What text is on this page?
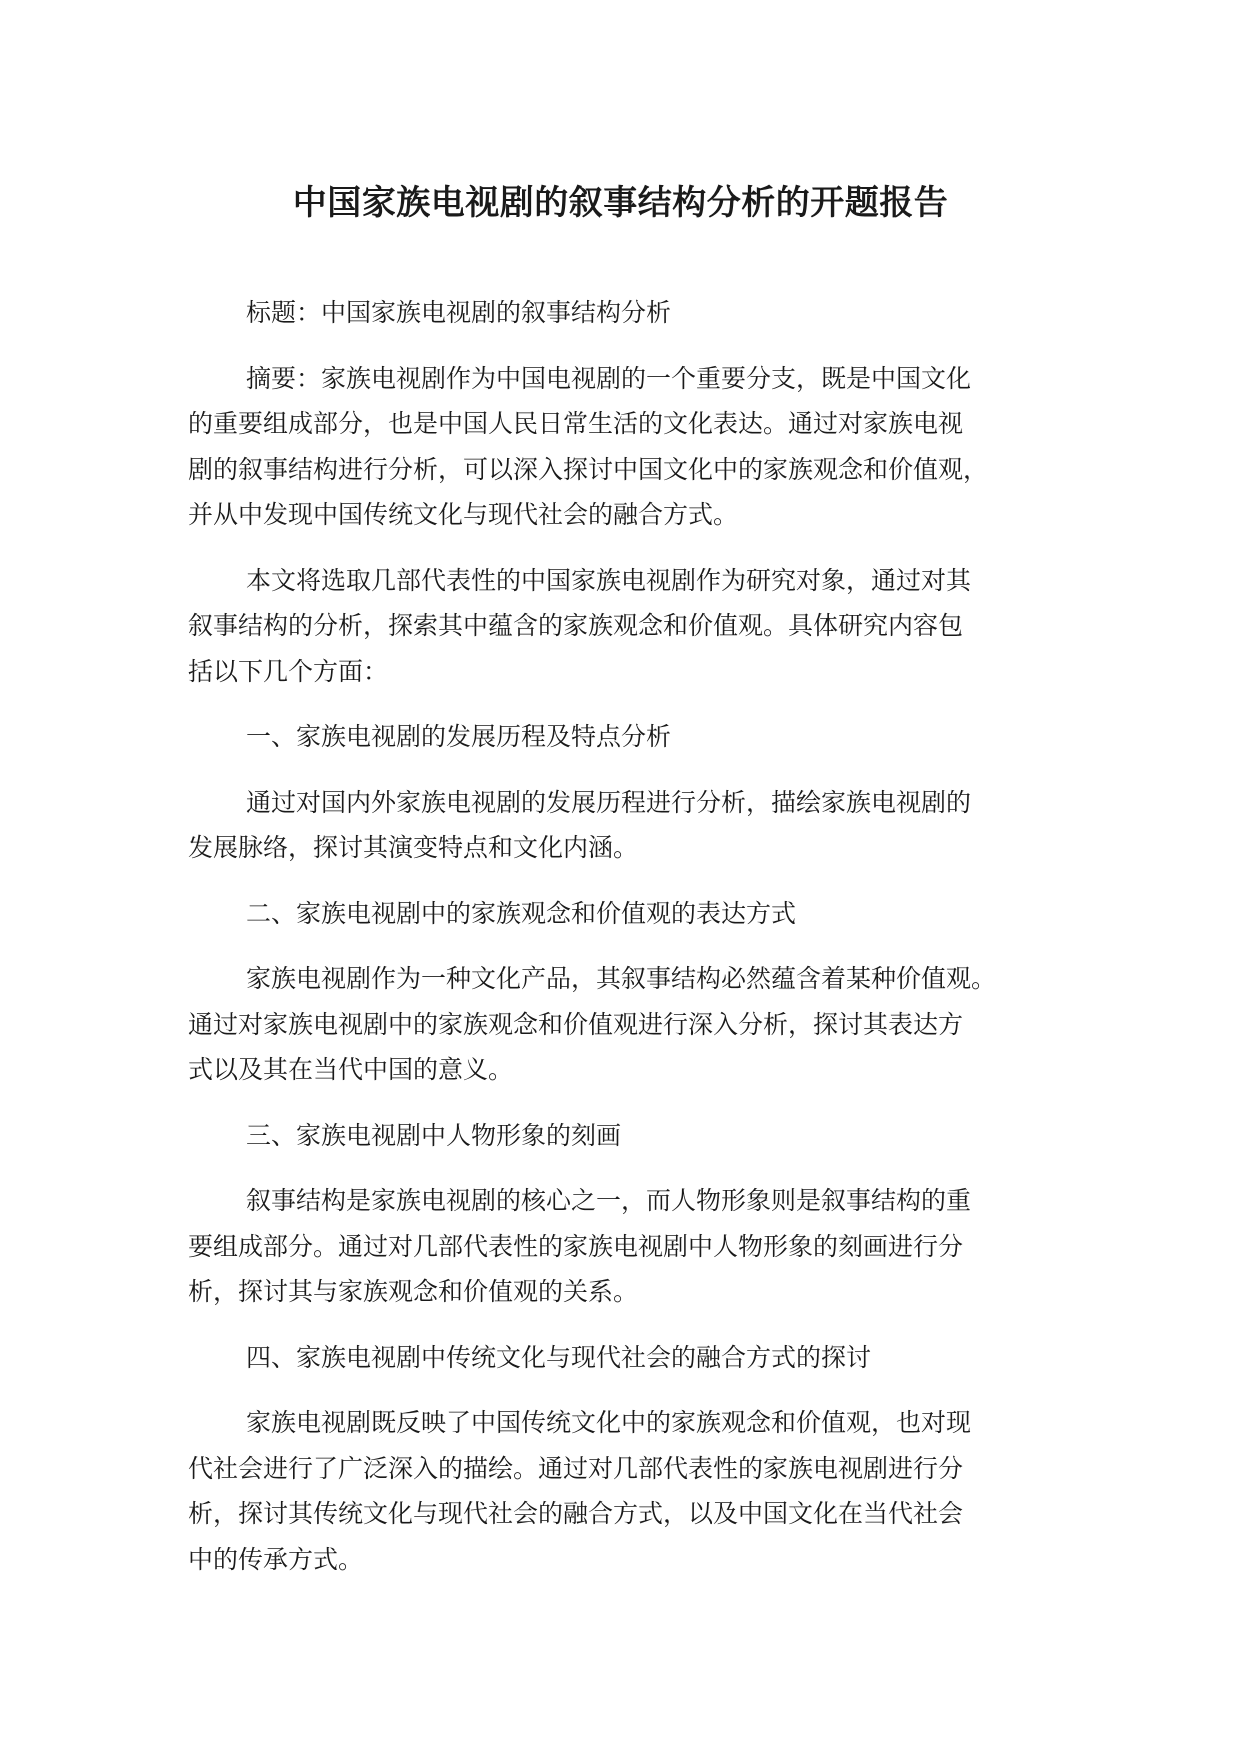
中国家族电视剧的叙事结构分析的开题报告

标题：中国家族电视剧的叙事结构分析

摘要：家族电视剧作为中国电视剧的一个重要分支，既是中国文化
的重要组成部分，也是中国人民日常生活的文化表达。通过对家族电视
剧的叙事结构进行分析，可以深入探讨中国文化中的家族观念和价值观，
并从中发现中国传统文化与现代社会的融合方式。

本文将选取几部代表性的中国家族电视剧作为研究对象，通过对其
叙事结构的分析，探索其中蕴含的家族观念和价值观。具体研究内容包
括以下几个方面：

一、家族电视剧的发展历程及特点分析

通过对国内外家族电视剧的发展历程进行分析，描绘家族电视剧的
发展脉络，探讨其演变特点和文化内涵。

二、家族电视剧中的家族观念和价值观的表达方式

家族电视剧作为一种文化产品，其叙事结构必然蕴含着某种价值观。
通过对家族电视剧中的家族观念和价值观进行深入分析，探讨其表达方
式以及其在当代中国的意义。

三、家族电视剧中人物形象的刻画

叙事结构是家族电视剧的核心之一，而人物形象则是叙事结构的重
要组成部分。通过对几部代表性的家族电视剧中人物形象的刻画进行分
析，探讨其与家族观念和价值观的关系。

四、家族电视剧中传统文化与现代社会的融合方式的探讨

家族电视剧既反映了中国传统文化中的家族观念和价值观，也对现
代社会进行了广泛深入的描绘。通过对几部代表性的家族电视剧进行分
析，探讨其传统文化与现代社会的融合方式，以及中国文化在当代社会
中的传承方式。
